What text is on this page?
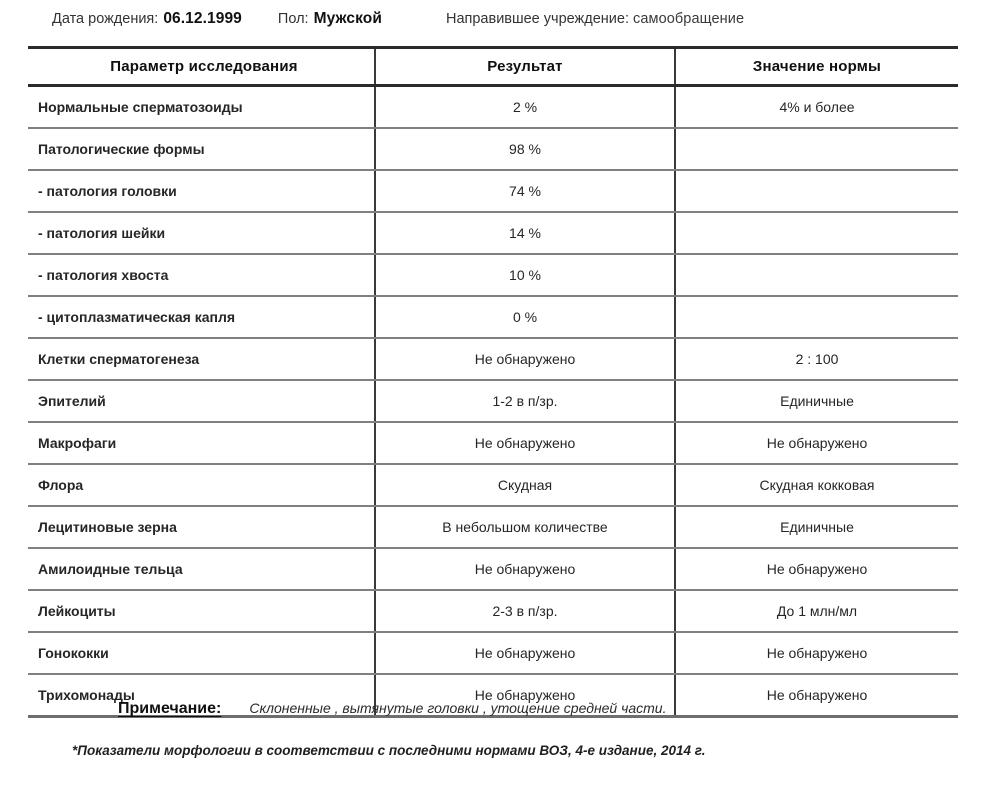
Дата рождения: 06.12.1999 Пол: Мужской	Направившее учреждение: самообращение
Параметр исследования	Результат	Значение нормы
Нормальные сперматозоиды	2 %	4% и более
Патологические формы	98 %	
- патология головки	74 %	
- патология шейки	14 %	
- патология хвоста	10 %	
- цитоплазматическая капля	0 %	
Клетки сперматогенеза	Не обнаружено	2 : 100
Эпителий	1-2 в п/зр.	Единичные
Макрофаги	Не обнаружено	Не обнаружено
Флора	Скудная	Скудная кокковая
Лецитиновые зерна	В небольшом количестве	Единичные
Амилоидные тельца	Не обнаружено	Не обнаружено
Лейкоциты	2-3 в п/зр.	До 1 млн/мл
Гонококки	Не обнаружено	Не обнаружено
Трихомонады	Не обнаружено	Не обнаружено
Примечание: Склоненные , вытянутые головки , утощение средней части.
*Показатели морфологии в соответствии с последними нормами ВОЗ, 4-е издание, 2014 г.
